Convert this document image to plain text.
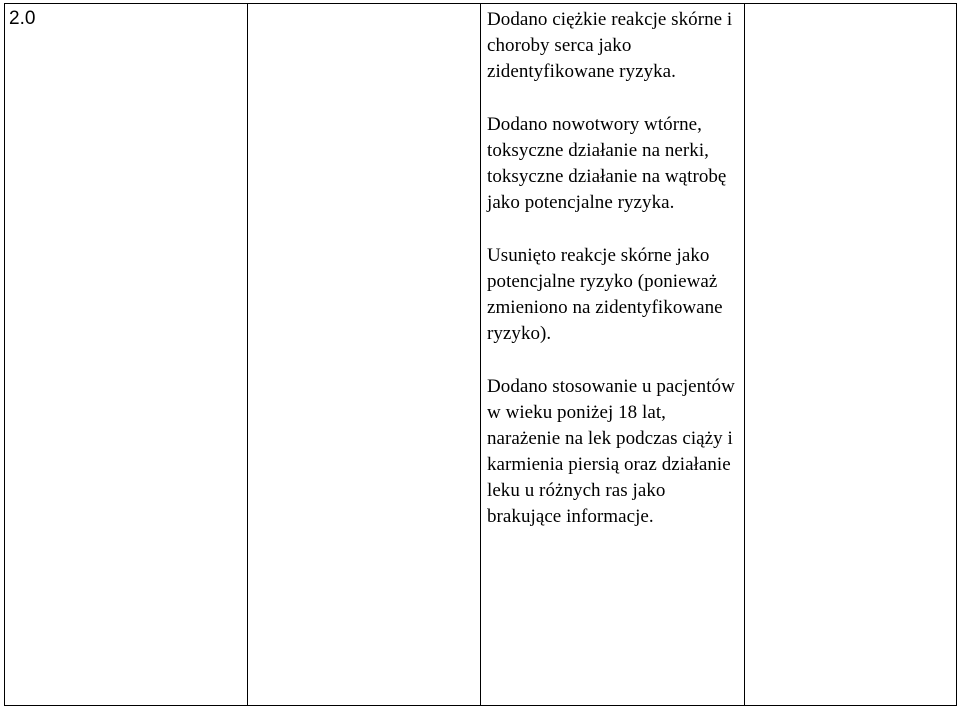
2.0		Dodano ciężkie reakcje skórne i choroby serca jako zidentyfikowane ryzyka.

Dodano nowotwory wtórne, toksyczne działanie na nerki, toksyczne działanie na wątrobę jako potencjalne ryzyka.

Usunięto reakcje skórne jako potencjalne ryzyko (ponieważ zmieniono na zidentyfikowane ryzyko).

Dodano stosowanie u pacjentów w wieku poniżej 18 lat, narażenie na lek podczas ciąży i karmienia piersią oraz działanie leku u różnych ras jako brakujące informacje.
